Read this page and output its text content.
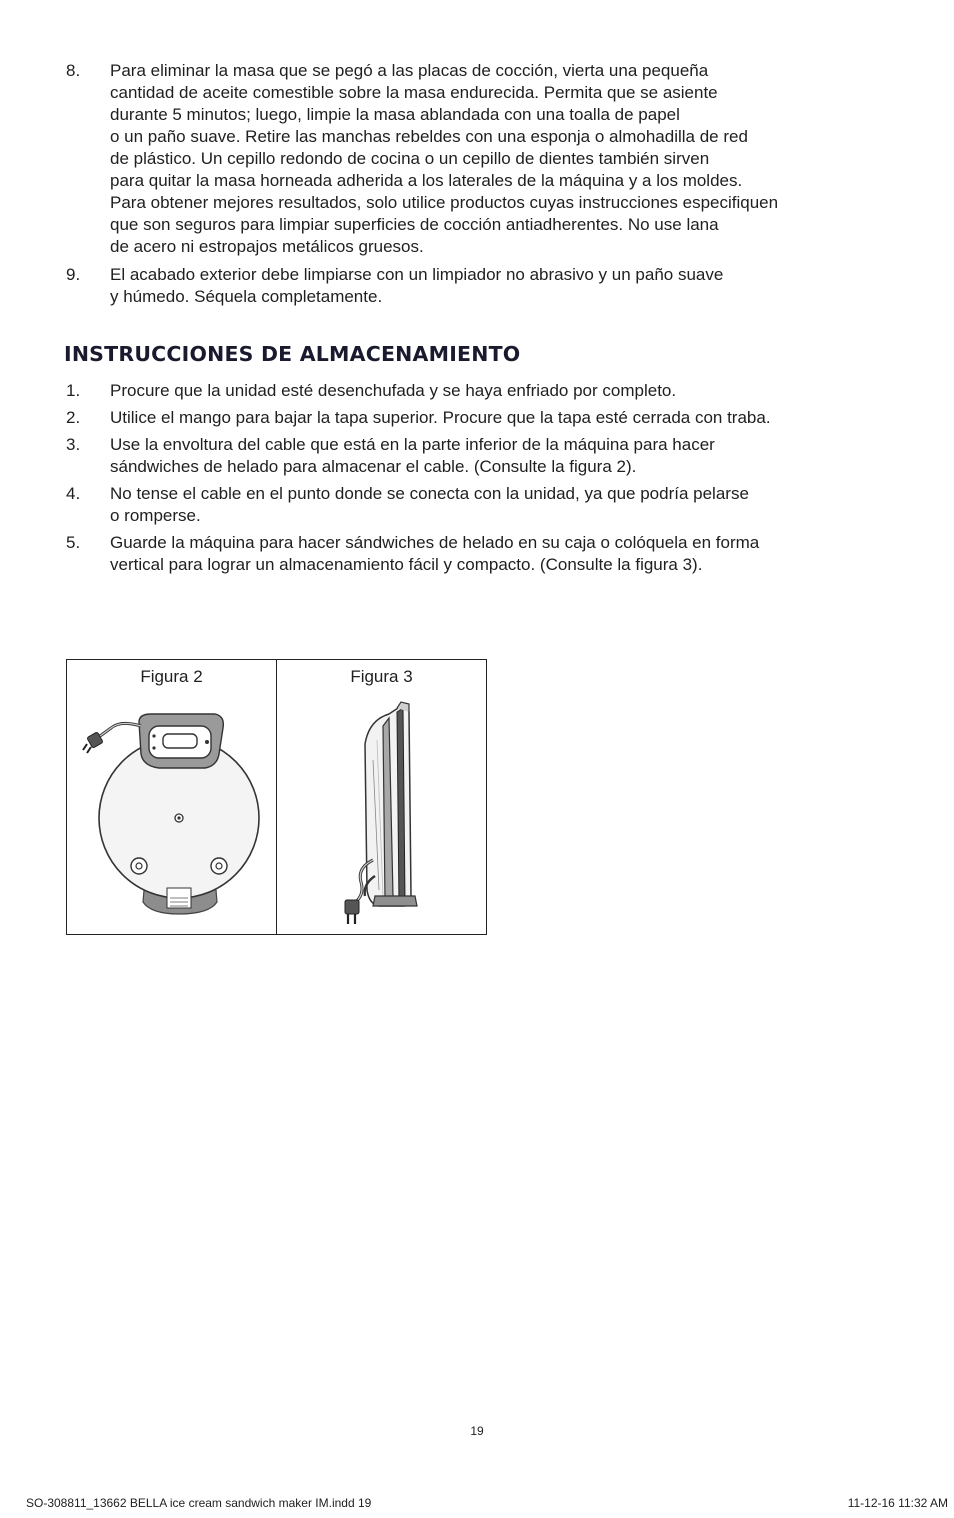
8. Para eliminar la masa que se pegó a las placas de cocción, vierta una pequeña
cantidad de aceite comestible sobre la masa endurecida. Permita que se asiente
durante 5 minutos; luego, limpie la masa ablandada con una toalla de papel
o un paño suave. Retire las manchas rebeldes con una esponja o almohadilla de red
de plástico. Un cepillo redondo de cocina o un cepillo de dientes también sirven
para quitar la masa horneada adherida a los laterales de la máquina y a los moldes.
Para obtener mejores resultados, solo utilice productos cuyas instrucciones especifiquen
que son seguros para limpiar superficies de cocción antiadherentes. No use lana
de acero ni estropajos metálicos gruesos.
9. El acabado exterior debe limpiarse con un limpiador no abrasivo y un paño suave
y húmedo. Séquela completamente.
INSTRUCCIONES DE ALMACENAMIENTO
1. Procure que la unidad esté desenchufada y se haya enfriado por completo.
2. Utilice el mango para bajar la tapa superior. Procure que la tapa esté cerrada con traba.
3. Use la envoltura del cable que está en la parte inferior de la máquina para hacer
sándwiches de helado para almacenar el cable. (Consulte la figura 2).
4. No tense el cable en el punto donde se conecta con la unidad, ya que podría pelarse
o romperse.
5. Guarde la máquina para hacer sándwiches de helado en su caja o colóquela en forma
vertical para lograr un almacenamiento fácil y compacto. (Consulte la figura 3).
Figura 2	Figura 3
19
SO-308811_13662 BELLA ice cream sandwich maker IM.indd 19	11-12-16 11:32 AM
